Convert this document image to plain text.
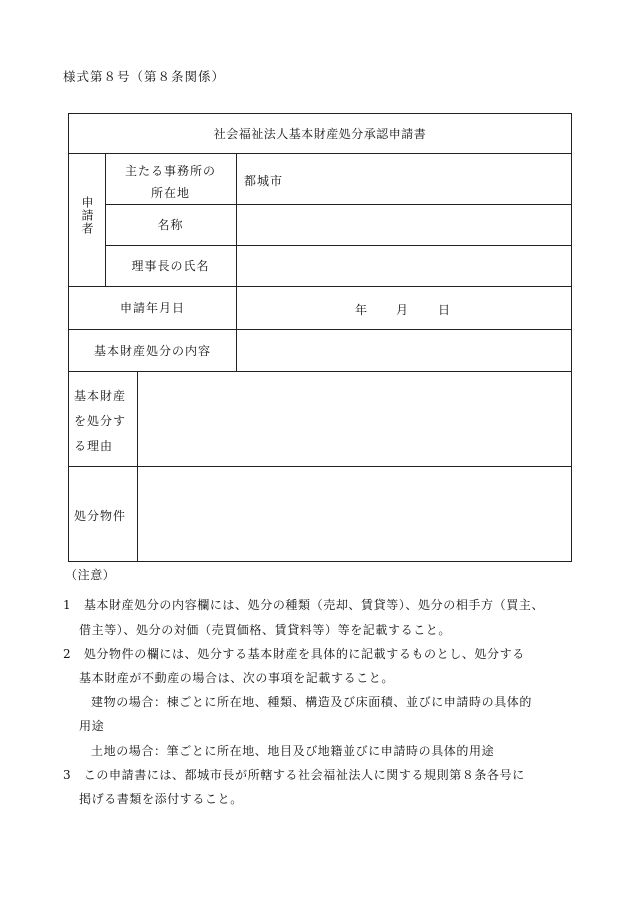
様式第８号（第８条関係）
社会福祉法人基本財産処分承認申請書
申請者
主たる事務所の
所在地
都城市
名称
理事長の氏名
申請年月日	年 月 日
基本財産処分の内容
基本財産
を処分す
る理由
処分物件
（注意）
1　基本財産処分の内容欄には、処分の種類（売却、賃貸等）、処分の相手方（買主、
借主等）、処分の対価（売買価格、賃貸料等）等を記載すること。
2　処分物件の欄には、処分する基本財産を具体的に記載するものとし、処分する
基本財産が不動産の場合は、次の事項を記載すること。
建物の場合：棟ごとに所在地、種類、構造及び床面積、並びに申請時の具体的
用途
土地の場合：筆ごとに所在地、地目及び地籍並びに申請時の具体的用途
3　この申請書には、都城市長が所轄する社会福祉法人に関する規則第８条各号に
掲げる書類を添付すること。
